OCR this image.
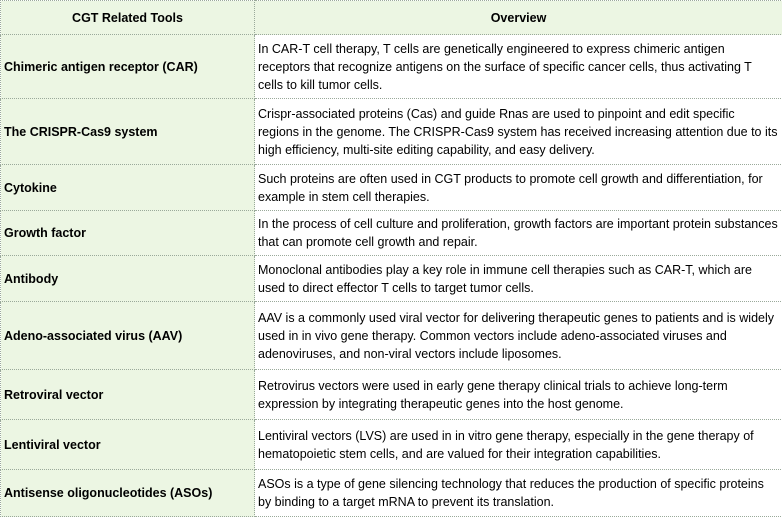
CGT Related Tools	Overview
Chimeric antigen receptor (CAR)	In CAR-T cell therapy, T cells are genetically engineered to express chimeric antigen receptors that recognize antigens on the surface of specific cancer cells, thus activating T cells to kill tumor cells.
The CRISPR-Cas9 system	Crispr-associated proteins (Cas) and guide Rnas are used to pinpoint and edit specific regions in the genome. The CRISPR-Cas9 system has received increasing attention due to its high efficiency, multi-site editing capability, and easy delivery.
Cytokine	Such proteins are often used in CGT products to promote cell growth and differentiation, for example in stem cell therapies.
Growth factor	In the process of cell culture and proliferation, growth factors are important protein substances that can promote cell growth and repair.
Antibody	Monoclonal antibodies play a key role in immune cell therapies such as CAR-T, which are used to direct effector T cells to target tumor cells.
Adeno-associated virus (AAV)	AAV is a commonly used viral vector for delivering therapeutic genes to patients and is widely used in in vivo gene therapy. Common vectors include adeno-associated viruses and adenoviruses, and non-viral vectors include liposomes.
Retroviral vector	Retrovirus vectors were used in early gene therapy clinical trials to achieve long-term expression by integrating therapeutic genes into the host genome.
Lentiviral vector	Lentiviral vectors (LVS) are used in in vitro gene therapy, especially in the gene therapy of hematopoietic stem cells, and are valued for their integration capabilities.
Antisense oligonucleotides (ASOs)	ASOs is a type of gene silencing technology that reduces the production of specific proteins by binding to a target mRNA to prevent its translation.
